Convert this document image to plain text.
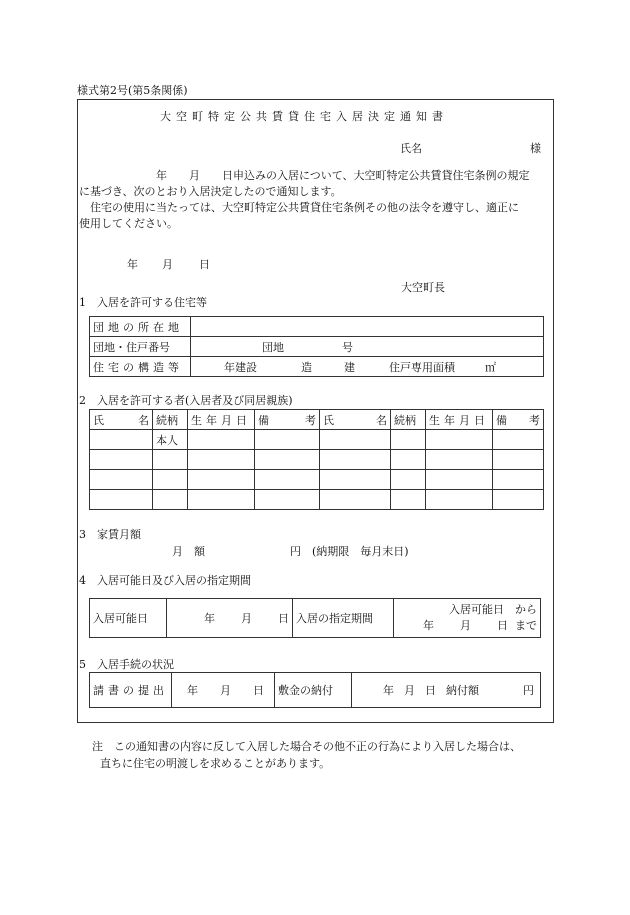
様式第2号(第5条関係)
大空町特定公共賃貸住宅入居決定通知書
氏名	様
　　　　　　　年　　月　　日申込みの入居について、大空町特定公共賃貸住宅条例の規定
に基づき、次のとおり入居決定したので通知します。
　住宅の使用に当たっては、大空町特定公共賃貸住宅条例その他の法令を遵守し、適正に
使用してください。
年 月 日
大空町長
1　入居を許可する住宅等
団地の所在地	
団地・住戸番号	団地 号
住宅の構造等	年建設 造 建 住戸専用面積 ㎡
2　入居を許可する者(入居者及び同居親族)
氏 名	続柄	生年月日	備 考	氏 名	続柄	生年月日	備 考

	本人						

3　家賃月額
月　額	円 (納期限　毎月末日)
4　入居可能日及び入居の指定期間
入居可能日	年 月 日	入居の指定期間	
入居可能日　から
年 月 日 まで
5　入居手続の状況
請書の提出	年 月 日	敷金の納付	年 月 日 納付額	円
注　この通知書の内容に反して入居した場合その他不正の行為により入居した場合は、
直ちに住宅の明渡しを求めることがあります。
